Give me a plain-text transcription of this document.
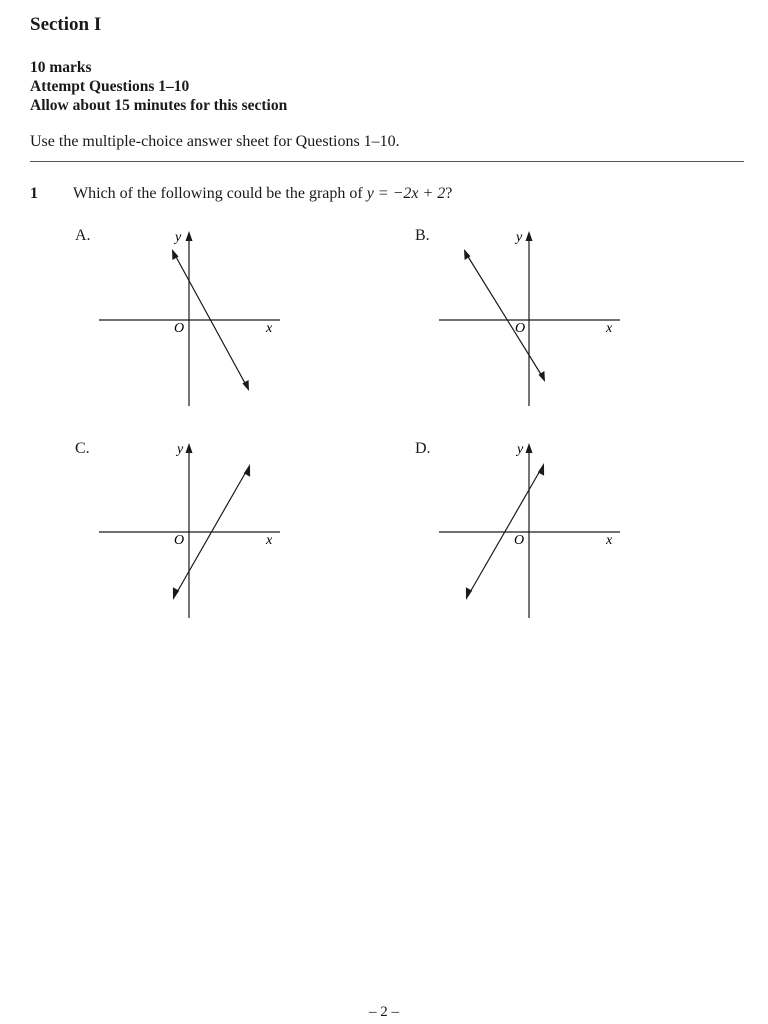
Section I
10 marks
Attempt Questions 1–10
Allow about 15 minutes for this section
Use the multiple-choice answer sheet for Questions 1–10.
1 Which of the following could be the graph of y = −2x + 2?
A.	y
x
O
B.	y
x
O
C.	y
x
O
D.	y
x
O
– 2 –
